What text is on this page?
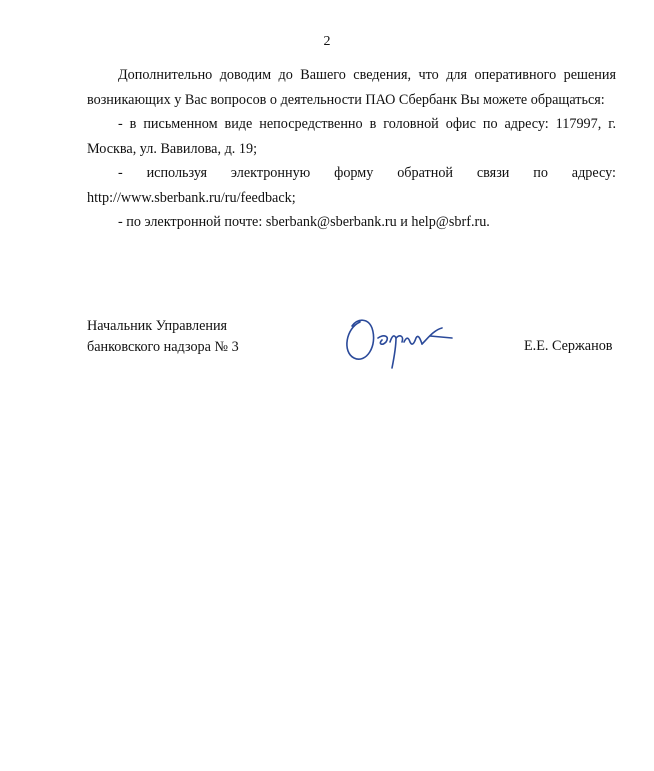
2

Дополнительно доводим до Вашего сведения, что для оперативного решения возникающих у Вас вопросов о деятельности ПАО Сбербанк Вы можете обращаться:

- в письменном виде непосредственно в головной офис по адресу: 117997, г. Москва, ул. Вавилова, д. 19;

- используя электронную форму обратной связи по адресу:

http://www.sberbank.ru/ru/feedback;

- по электронной почте: sberbank@sberbank.ru и help@sbrf.ru.

Начальник Управления
банковского надзора № 3	Е.Е. Сержанов
